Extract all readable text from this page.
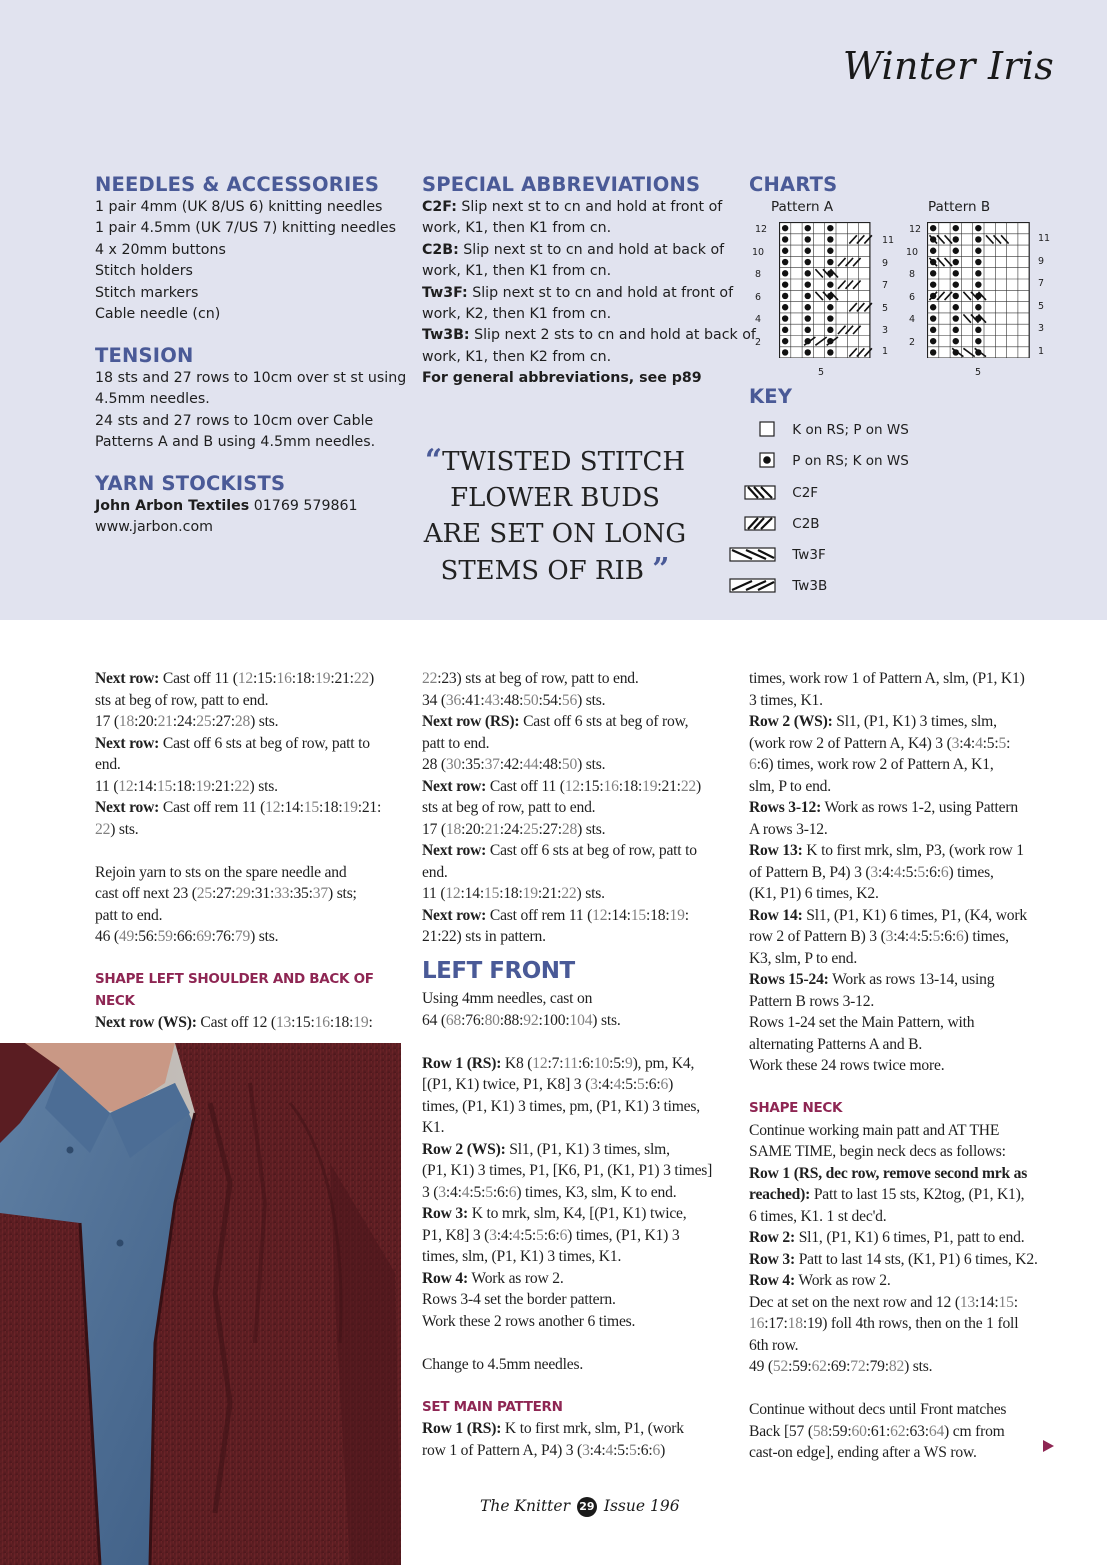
Winter Iris
NEEDLES & ACCESSORIES
1 pair 4mm (UK 8/US 6) knitting needles
1 pair 4.5mm (UK 7/US 7) knitting needles
4 x 20mm buttons
Stitch holders
Stitch markers
Cable needle (cn)
TENSION
18 sts and 27 rows to 10cm over st st using
4.5mm needles.
24 sts and 27 rows to 10cm over Cable
Patterns A and B using 4.5mm needles.
YARN STOCKISTS
John Arbon Textiles 01769 579861
www.jarbon.com
SPECIAL ABBREVIATIONS
C2F: Slip next st to cn and hold at front of
work, K1, then K1 from cn.
C2B: Slip next st to cn and hold at back of
work, K1, then K1 from cn.
Tw3F: Slip next st to cn and hold at front of
work, K2, then K1 from cn.
Tw3B: Slip next 2 sts to cn and hold at back of
work, K1, then K2 from cn.
For general abbreviations, see p89
“TWISTED STITCH
FLOWER BUDS
ARE SET ON LONG
STEMS OF RIB ”
CHARTS
Pattern A	Pattern B
12
10
8
6
4
2
11
9
7
5
3
1
5
12
10
8
6
4
2
11
9
7
5
3
1
5
KEY
K on RS; P on WS
P on RS; K on WS
C2F
C2B
Tw3F
Tw3B

Next row: Cast off 11 (12:15:16:18:19:21:22)

sts at beg of row, patt to end.

17 (18:20:21:24:25:27:28) sts.

Next row: Cast off 6 sts at beg of row, patt to

end.

11 (12:14:15:18:19:21:22) sts.

Next row: Cast off rem 11 (12:14:15:18:19:21:

22) sts.

Rejoin yarn to sts on the spare needle and

cast off next 23 (25:27:29:31:33:35:37) sts;

patt to end.

46 (49:56:59:66:69:76:79) sts.

SHAPE LEFT SHOULDER AND BACK OF NECK

Next row (WS): Cast off 12 (13:15:16:18:19:

22:23) sts at beg of row, patt to end.

34 (36:41:43:48:50:54:56) sts.

Next row (RS): Cast off 6 sts at beg of row,

patt to end.

28 (30:35:37:42:44:48:50) sts.

Next row: Cast off 11 (12:15:16:18:19:21:22)

sts at beg of row, patt to end.

17 (18:20:21:24:25:27:28) sts.

Next row: Cast off 6 sts at beg of row, patt to

end.

11 (12:14:15:18:19:21:22) sts.

Next row: Cast off rem 11 (12:14:15:18:19:

21:22) sts in pattern.

LEFT FRONT

Using 4mm needles, cast on

64 (68:76:80:88:92:100:104) sts.

Row 1 (RS): K8 (12:7:11:6:10:5:9), pm, K4,

[(P1, K1) twice, P1, K8] 3 (3:4:4:5:5:6:6)

times, (P1, K1) 3 times, pm, (P1, K1) 3 times,

K1.

Row 2 (WS): Sl1, (P1, K1) 3 times, slm,

(P1, K1) 3 times, P1, [K6, P1, (K1, P1) 3 times]

3 (3:4:4:5:5:6:6) times, K3, slm, K to end.

Row 3: K to mrk, slm, K4, [(P1, K1) twice,

P1, K8] 3 (3:4:4:5:5:6:6) times, (P1, K1) 3

times, slm, (P1, K1) 3 times, K1.

Row 4: Work as row 2.

Rows 3-4 set the border pattern.

Work these 2 rows another 6 times.

Change to 4.5mm needles.

SET MAIN PATTERN

Row 1 (RS): K to first mrk, slm, P1, (work

row 1 of Pattern A, P4) 3 (3:4:4:5:5:6:6)

times, work row 1 of Pattern A, slm, (P1, K1)

3 times, K1.

Row 2 (WS): Sl1, (P1, K1) 3 times, slm,

(work row 2 of Pattern A, K4) 3 (3:4:4:5:5:

6:6) times, work row 2 of Pattern A, K1,

slm, P to end.

Rows 3-12: Work as rows 1-2, using Pattern

A rows 3-12.

Row 13: K to first mrk, slm, P3, (work row 1

of Pattern B, P4) 3 (3:4:4:5:5:6:6) times,

(K1, P1) 6 times, K2.

Row 14: Sl1, (P1, K1) 6 times, P1, (K4, work

row 2 of Pattern B) 3 (3:4:4:5:5:6:6) times,

K3, slm, P to end.

Rows 15-24: Work as rows 13-14, using

Pattern B rows 3-12.

Rows 1-24 set the Main Pattern, with

alternating Patterns A and B.

Work these 24 rows twice more.

SHAPE NECK

Continue working main patt and AT THE

SAME TIME, begin neck decs as follows:

Row 1 (RS, dec row, remove second mrk as

reached): Patt to last 15 sts, K2tog, (P1, K1),

6 times, K1. 1 st dec'd.

Row 2: Sl1, (P1, K1) 6 times, P1, patt to end.

Row 3: Patt to last 14 sts, (K1, P1) 6 times, K2.

Row 4: Work as row 2.

Dec at set on the next row and 12 (13:14:15:

16:17:18:19) foll 4th rows, then on the 1 foll

6th row.

49 (52:59:62:69:72:79:82) sts.

Continue without decs until Front matches

Back [57 (58:59:60:61:62:63:64) cm from

cast-on edge], ending after a WS row.

The Knitter 29 Issue 196
